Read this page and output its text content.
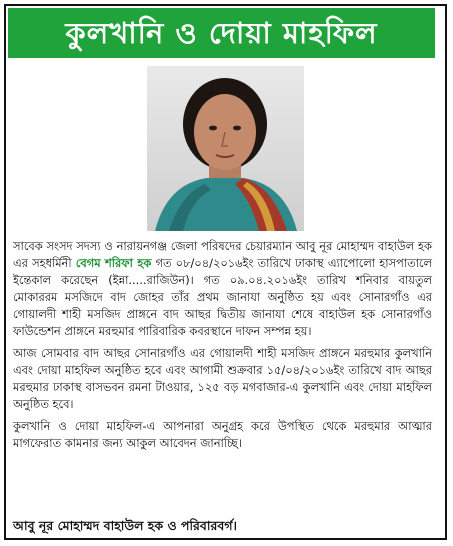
কুলখানি ও দোয়া মাহফিল

সাবেক সংসদ সদস্য ও নারায়নগঞ্জ জেলা পরিষদের চেয়ারম্যান আবু নূর মোহাম্মদ বাহাউল হক এর সহধর্মিনী বেগম শরিফা হক গত ০৮/০৪/২০১৬ইং তারিখে ঢাকাস্থ এ্যাপোলো হাসপাতালে ইন্তেকাল করেছেন (ইন্না.....রাজিউন)। গত ০৯.০৪.২০১৬ইং তারিখ শনিবার বায়তুল মোকাররম মসজিদে বাদ জোহর তাঁর প্রথম জানাযা অনুষ্ঠিত হয় এবং সোনারগাঁও এর গোয়ালদী শাহী মসজিদ প্রাঙ্গনে বাদ আছর দ্বিতীয় জানাযা শেষে বাহাউল হক সোনারগাঁও ফাউন্ডেশন প্রাঙ্গনে মরহুমার পারিবারিক কবরস্থানে দাফন সম্পন্ন হয়।

আজ সোমবার বাদ আছর সোনারগাঁও এর গোয়ালদী শাহী মসজিদ প্রাঙ্গনে মরহুমার কুলখানি এবং দোয়া মাহফিল অনুষ্ঠিত হবে এবং আগামী শুক্রবার ১৫/০৪/২০১৬ইং তারিখে বাদ আছর মরহুমার ঢাকাস্থ বাসভবন রমনা টাওয়ার, ১২৫ বড় মগবাজার-এ কুলখানি এবং দোয়া মাহফিল অনুষ্ঠিত হবে।

কুলখানি ও দোয়া মাহফিল-এ আপনারা অনুগ্রহ করে উপস্থিত থেকে মরহুমার আত্মার মাগফেরাত কামনার জন্য আকুল আবেদন জানাচ্ছি।

আবু নূর মোহাম্মদ বাহাউল হক ও পরিবারবর্গ।
